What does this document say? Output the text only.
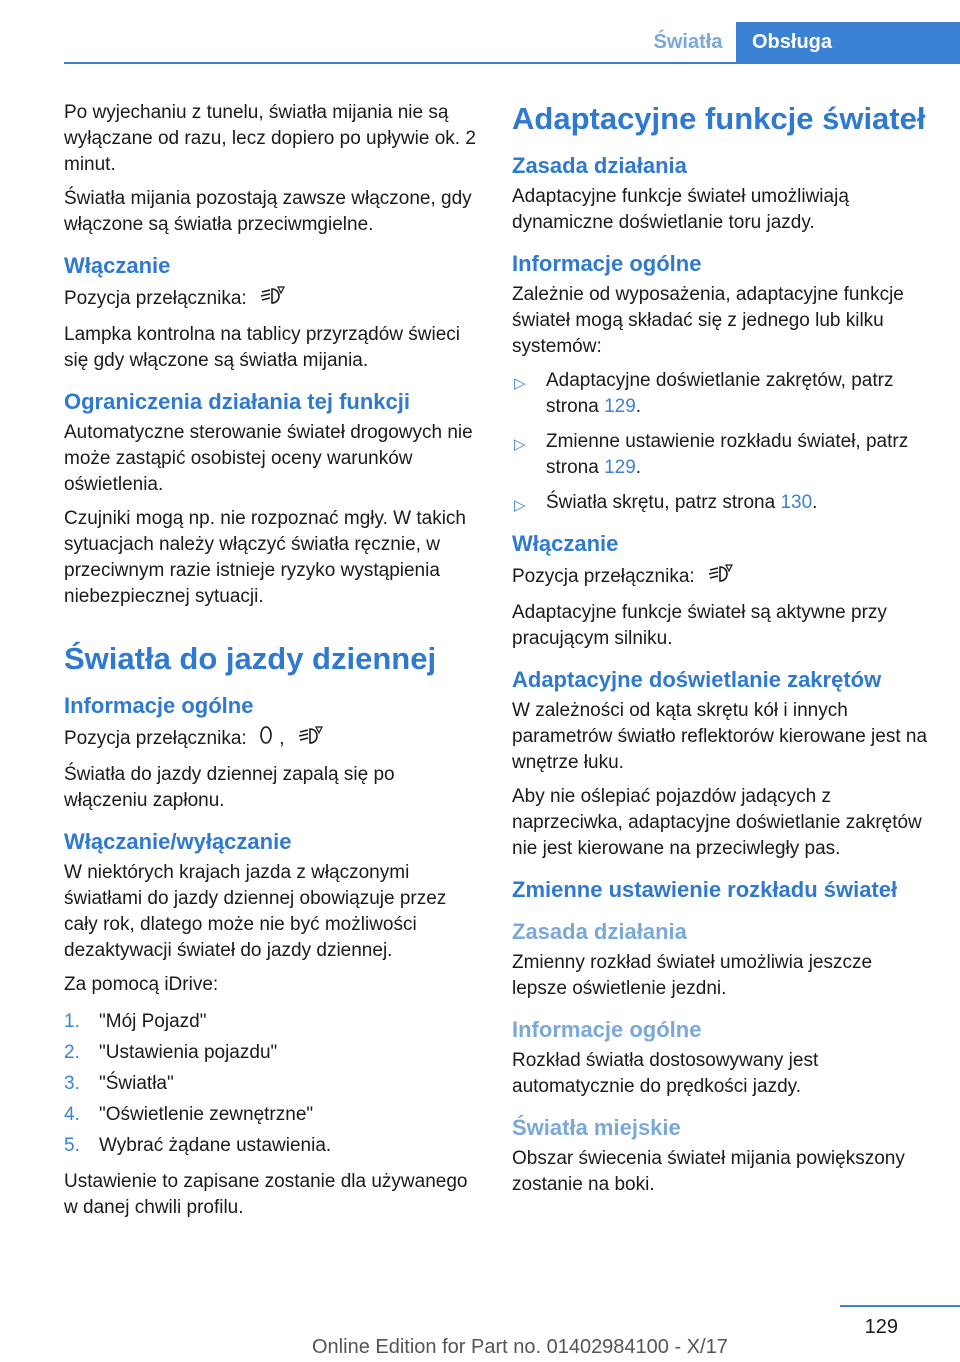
Światła	Obsługa

Po wyjechaniu z tunelu, światła mijania nie są wyłączane od razu, lecz dopiero po upływie ok. 2 minut.

Światła mijania pozostają zawsze włączone, gdy włączone są światła przeciwmgielne.

Włączanie

Pozycja przełącznika:

Lampka kontrolna na tablicy przyrządów świeci się gdy włączone są światła mijania.

Ograniczenia działania tej funkcji

Automatyczne sterowanie świateł drogowych nie może zastąpić osobistej oceny warunków oświetlenia.

Czujniki mogą np. nie rozpoznać mgły. W takich sytuacjach należy włączyć światła ręcznie, w przeciwnym razie istnieje ryzyko wystąpienia niebezpiecznej sytuacji.

Światła do jazdy dziennej
Informacje ogólne

Pozycja przełącznika: ,

Światła do jazdy dziennej zapalą się po włączeniu zapłonu.

Włączanie/wyłączanie

W niektórych krajach jazda z włączonymi światłami do jazdy dziennej obowiązuje przez cały rok, dlatego może nie być możliwości dezaktywacji świateł do jazdy dziennej.

Za pomocą iDrive:

1. "Mój Pojazd"
2. "Ustawienia pojazdu"
3. "Światła"
4. "Oświetlenie zewnętrzne"
5. Wybrać żądane ustawienia.

Ustawienie to zapisane zostanie dla używanego w danej chwili profilu.

Adaptacyjne funkcje świateł
Zasada działania

Adaptacyjne funkcje świateł umożliwiają dynamiczne doświetlanie toru jazdy.

Informacje ogólne

Zależnie od wyposażenia, adaptacyjne funkcje świateł mogą składać się z jednego lub kilku systemów:

▷ Adaptacyjne doświetlanie zakrętów, patrz strona 129.
▷ Zmienne ustawienie rozkładu świateł, patrz strona 129.
▷ Światła skrętu, patrz strona 130.
Włączanie

Pozycja przełącznika:

Adaptacyjne funkcje świateł są aktywne przy pracującym silniku.

Adaptacyjne doświetlanie zakrętów

W zależności od kąta skrętu kół i innych parametrów światło reflektorów kierowane jest na wnętrze łuku.

Aby nie oślepiać pojazdów jadących z naprzeciwka, adaptacyjne doświetlanie zakrętów nie jest kierowane na przeciwległy pas.

Zmienne ustawienie rozkładu świateł
Zasada działania

Zmienny rozkład świateł umożliwia jeszcze lepsze oświetlenie jezdni.

Informacje ogólne

Rozkład światła dostosowywany jest automatycznie do prędkości jazdy.

Światła miejskie

Obszar świecenia świateł mijania powiększony zostanie na boki.

129
Online Edition for Part no. 01402984100 - X/17
